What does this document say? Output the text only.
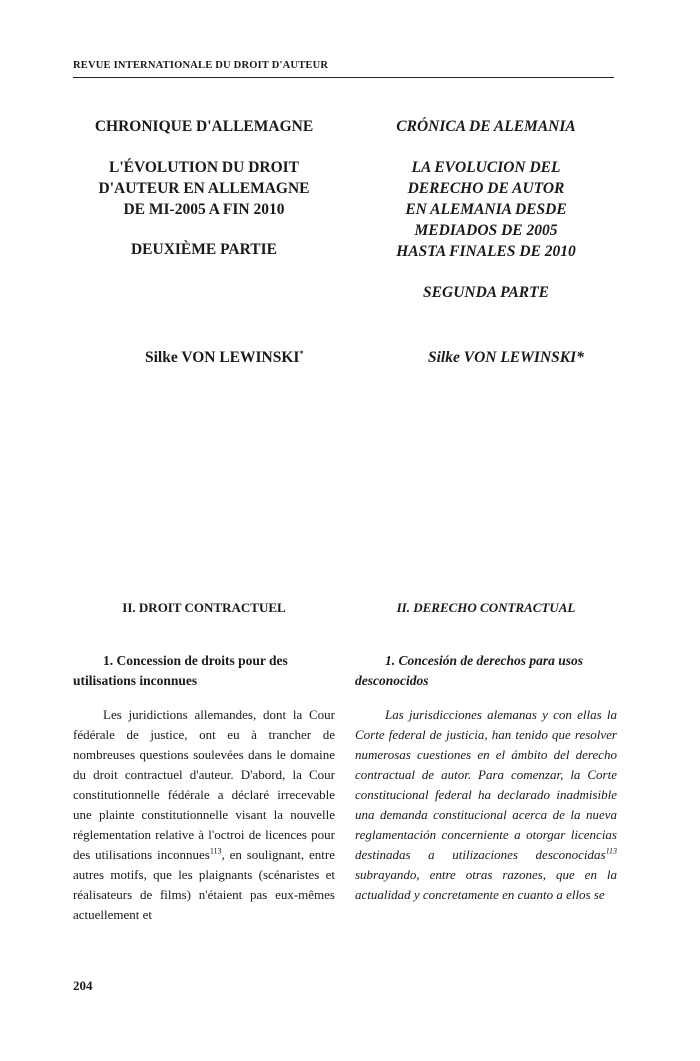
REVUE INTERNATIONALE DU DROIT D'AUTEUR
CHRONIQUE D'ALLEMAGNE
L'ÉVOLUTION DU DROIT
D'AUTEUR EN ALLEMAGNE
DE MI-2005 A FIN 2010
DEUXIÈME PARTIE
Silke VON LEWINSKI*
II. DROIT CONTRACTUEL
1. Concession de droits pour des utilisations inconnues

Les juridictions allemandes, dont la Cour fédérale de justice, ont eu à trancher de nombreuses questions soulevées dans le domaine du droit contractuel d'auteur. D'abord, la Cour constitutionnelle fédérale a déclaré irrecevable une plainte constitutionnelle visant la nouvelle réglementation relative à l'octroi de licences pour des utilisations inconnues$^{113}$, en soulignant, entre autres motifs, que les plaignants (scénaristes et réalisateurs de films) n'étaient pas eux-mêmes actuellement et

CRÓNICA DE ALEMANIA
LA EVOLUCION DEL
DERECHO DE AUTOR
EN ALEMANIA DESDE
MEDIADOS DE 2005
HASTA FINALES DE 2010
SEGUNDA PARTE
Silke VON LEWINSKI*
II. DERECHO CONTRACTUAL
1. Concesión de derechos para usos desconocidos

Las jurisdicciones alemanas y con ellas la Corte federal de justicia, han tenido que resolver numerosas cuestiones en el ámbito del derecho contractual de autor. Para comenzar, la Corte constitucional federal ha declarado inadmisible una demanda constitucional acerca de la nueva reglamentación concerniente a otorgar licencias destinadas a utilizaciones desconocidas$^{113}$ subrayando, entre otras razones, que en la actualidad y concretamente en cuanto a ellos se

204
